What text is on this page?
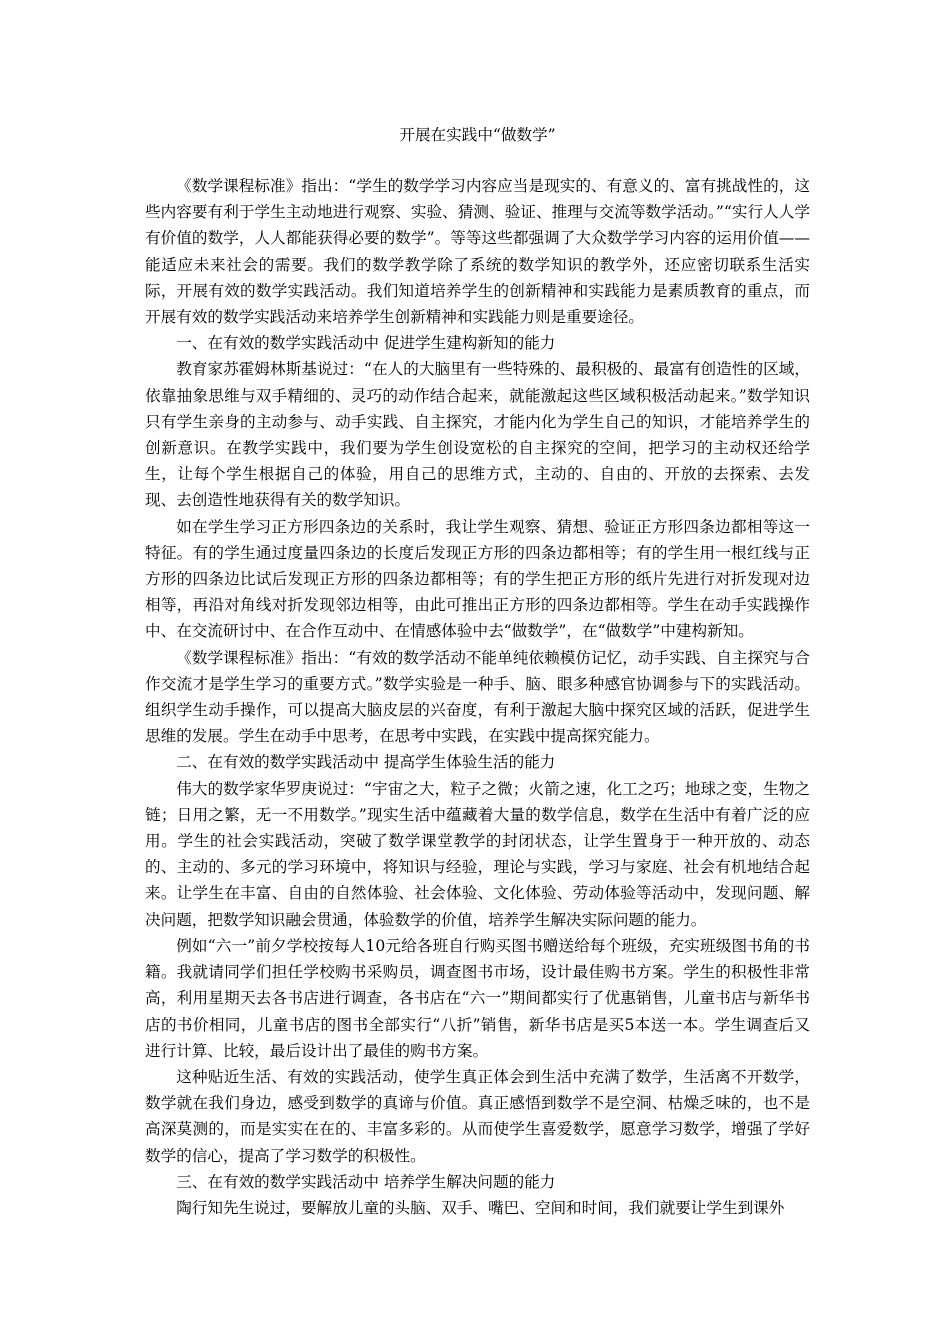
开展在实践中“做数学”

《数学课程标准》指出：“学生的数学学习内容应当是现实的、有意义的、富有挑战性的，这些内容要有利于学生主动地进行观察、实验、猜测、验证、推理与交流等数学活动。”“实行人人学有价值的数学，人人都能获得必要的数学”。等等这些都强调了大众数学学习内容的运用价值——能适应未来社会的需要。我们的数学教学除了系统的数学知识的教学外，还应密切联系生活实际，开展有效的数学实践活动。我们知道培养学生的创新精神和实践能力是素质教育的重点，而开展有效的数学实践活动来培养学生创新精神和实践能力则是重要途径。

一、在有效的数学实践活动中 促进学生建构新知的能力

教育家苏霍姆林斯基说过：“在人的大脑里有一些特殊的、最积极的、最富有创造性的区域，依靠抽象思维与双手精细的、灵巧的动作结合起来，就能激起这些区域积极活动起来。”数学知识只有学生亲身的主动参与、动手实践、自主探究，才能内化为学生自己的知识，才能培养学生的创新意识。在教学实践中，我们要为学生创设宽松的自主探究的空间，把学习的主动权还给学生，让每个学生根据自己的体验，用自己的思维方式，主动的、自由的、开放的去探索、去发现、去创造性地获得有关的数学知识。

如在学生学习正方形四条边的关系时，我让学生观察、猜想、验证正方形四条边都相等这一特征。有的学生通过度量四条边的长度后发现正方形的四条边都相等；有的学生用一根红线与正方形的四条边比试后发现正方形的四条边都相等；有的学生把正方形的纸片先进行对折发现对边相等，再沿对角线对折发现邻边相等，由此可推出正方形的四条边都相等。学生在动手实践操作中、在交流研讨中、在合作互动中、在情感体验中去“做数学”，在“做数学”中建构新知。

《数学课程标准》指出：“有效的数学活动不能单纯依赖模仿记忆，动手实践、自主探究与合作交流才是学生学习的重要方式。”数学实验是一种手、脑、眼多种感官协调参与下的实践活动。组织学生动手操作，可以提高大脑皮层的兴奋度，有利于激起大脑中探究区域的活跃，促进学生思维的发展。学生在动手中思考，在思考中实践，在实践中提高探究能力。

二、在有效的数学实践活动中 提高学生体验生活的能力

伟大的数学家华罗庚说过：“宇宙之大，粒子之微；火箭之速，化工之巧；地球之变，生物之链；日用之繁，无一不用数学。”现实生活中蕴藏着大量的数学信息，数学在生活中有着广泛的应用。学生的社会实践活动，突破了数学课堂教学的封闭状态，让学生置身于一种开放的、动态的、主动的、多元的学习环境中，将知识与经验，理论与实践，学习与家庭、社会有机地结合起来。让学生在丰富、自由的自然体验、社会体验、文化体验、劳动体验等活动中，发现问题、解决问题，把数学知识融会贯通，体验数学的价值，培养学生解决实际问题的能力。

例如“六一”前夕学校按每人10元给各班自行购买图书赠送给每个班级，充实班级图书角的书籍。我就请同学们担任学校购书采购员，调查图书市场，设计最佳购书方案。学生的积极性非常高，利用星期天去各书店进行调查，各书店在“六一”期间都实行了优惠销售，儿童书店与新华书店的书价相同，儿童书店的图书全部实行“八折”销售，新华书店是买5本送一本。学生调查后又进行计算、比较，最后设计出了最佳的购书方案。

这种贴近生活、有效的实践活动，使学生真正体会到生活中充满了数学，生活离不开数学，数学就在我们身边，感受到数学的真谛与价值。真正感悟到数学不是空洞、枯燥乏味的，也不是高深莫测的，而是实实在在的、丰富多彩的。从而使学生喜爱数学，愿意学习数学，增强了学好数学的信心，提高了学习数学的积极性。

三、在有效的数学实践活动中 培养学生解决问题的能力

陶行知先生说过，要解放儿童的头脑、双手、嘴巴、空间和时间，我们就要让学生到课外
